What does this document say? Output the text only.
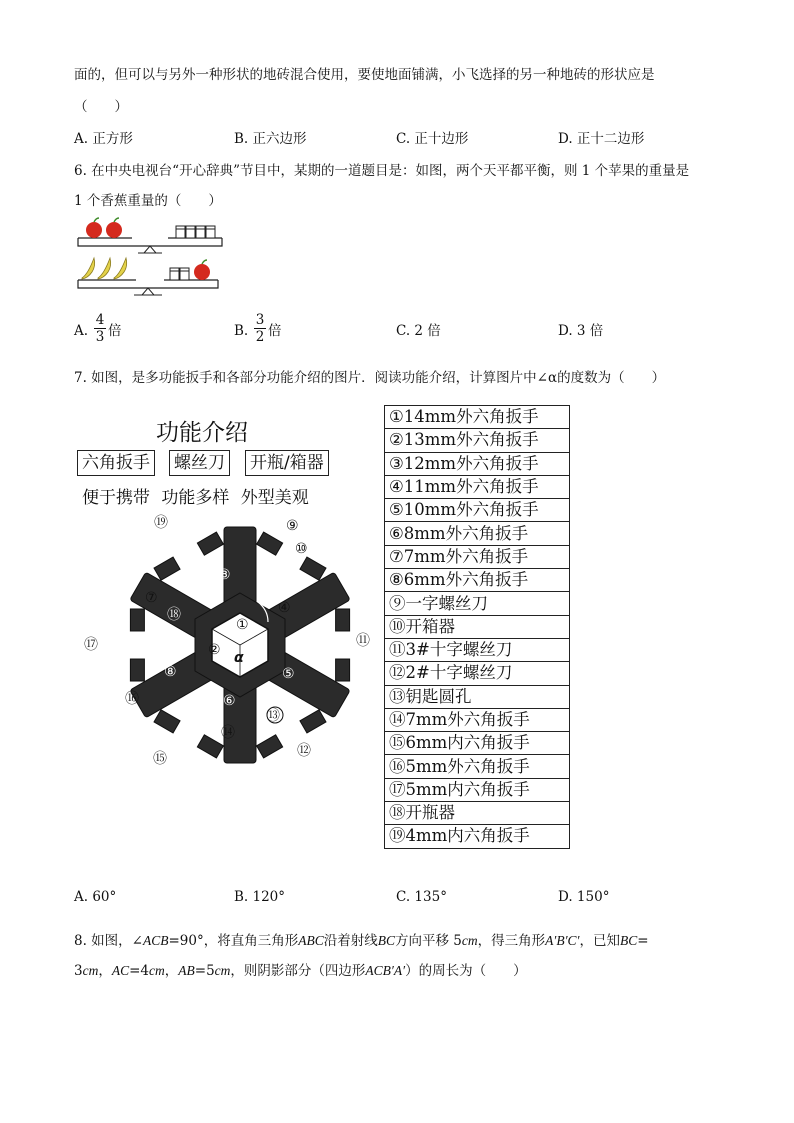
面的，但可以与另外一种形状的地砖混合使用，要使地面铺满，小飞选择的另一种地砖的形状应是
（　　）
A. 正方形	B. 正六边形	C. 正十边形	D. 正十二边形
6. 在中央电视台“开心辞典”节目中，某期的一道题目是：如图，两个天平都平衡，则 1 个苹果的重量是
1 个香蕉重量的（　　）
A.
4
3 倍	B.
3
2 倍	C. 2 倍	D. 3 倍
7. 如图，是多功能扳手和各部分功能介绍的图片．阅读功能介绍，计算图片中∠α的度数为（　　）
功能介绍
六角扳手 螺丝刀 开瓶/箱器
便于携带 功能多样 外型美观
⑲	⑨
⑩
③
⑦
④
⑱
①
⑰	⑪
② α
⑧	⑤
⑯	⑥
⑬
⑭
⑫
⑮
①14mm外六角扳手
②13mm外六角扳手
③12mm外六角扳手
④11mm外六角扳手
⑤10mm外六角扳手
⑥8mm外六角扳手
⑦7mm外六角扳手
⑧6mm外六角扳手
⑨一字螺丝刀
⑩开箱器
⑪3#十字螺丝刀
⑫2#十字螺丝刀
⑬钥匙圆孔
⑭7mm外六角扳手
⑮6mm内六角扳手
⑯5mm外六角扳手
⑰5mm内六角扳手
⑱开瓶器
⑲4mm内六角扳手
A. 60°	B. 120°	C. 135°	D. 150°
8. 如图，∠ACB=90°，将直角三角形ABC沿着射线BC方向平移 5cm，得三角形A′B′C′，已知BC=
3cm，AC=4cm，AB=5cm，则阴影部分（四边形ACB′A′）的周长为（　　）
